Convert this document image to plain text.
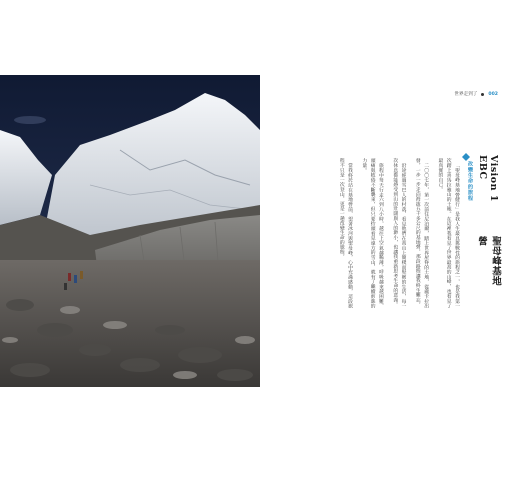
世界走到了 002
Vision 1 EBC
聖母峰基地營
改變生命的旅程

「聖母峰基地營健行」是我人生最具挑戰性的旅程之一，也是我第一次踏上喜馬拉雅山的土地。在這裡我看見了世界最高的山峰，也看見了最真實的自己。

二〇〇七年，第一次前往尼泊爾，踏上世界屋脊的土地，從盧卡拉出發，一步一步走向海拔五千多公尺的基地營，那段路程讓我終生難忘。

沿途經過雪巴人的村落，看見他們在高山上簡樸而堅韌的生活，每一次休息都能感受到山的壯闊與人的渺小，也讓我重新思考生命的意義。

旅程中每天行走六到八小時，越往上空氣越稀薄，呼吸越來越困難，頭痛與疲倦不斷襲來，但只要抬頭看見遠方的雪山，就有了繼續前進的力量。

當我終於站在基地營前，望著冰河與聖母峰，心中充滿感動，這段旅程不只是一次登山，更是一趟改變生命的旅程。
